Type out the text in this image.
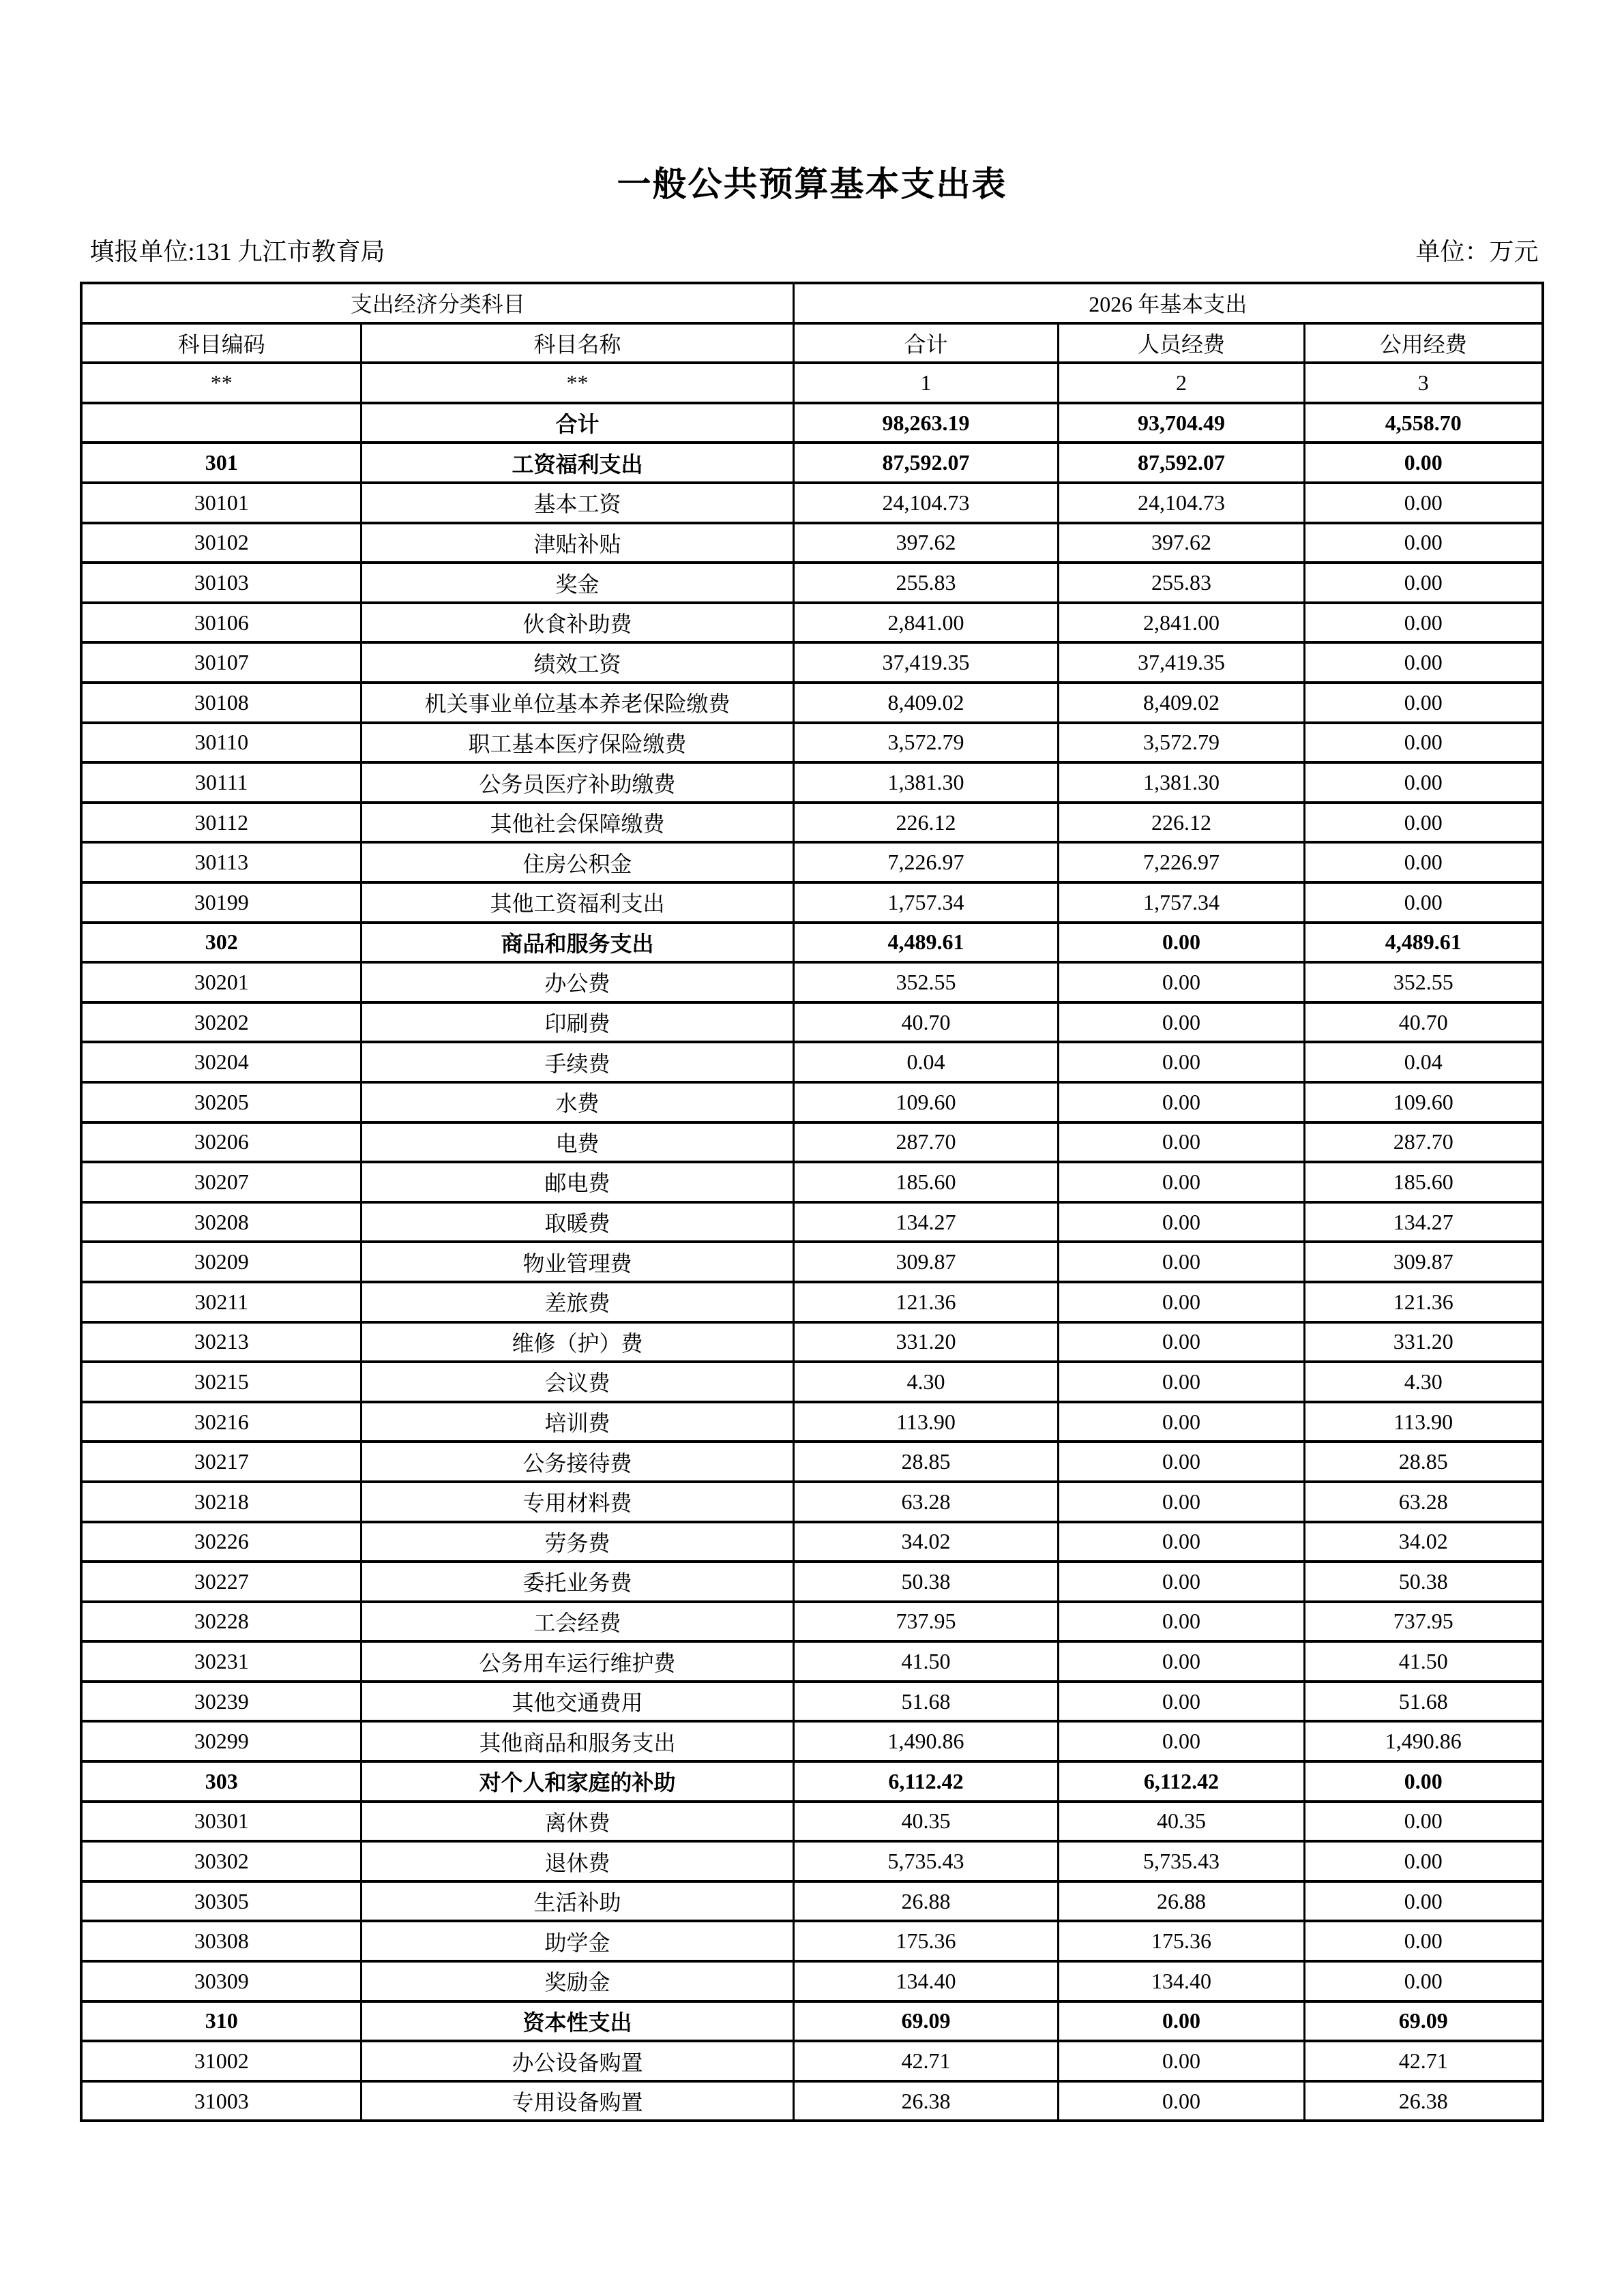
一般公共预算基本支出表
填报单位:131 九江市教育局	单位：万元
支出经济分类科目		2026 年基本支出		
科目编码	科目名称	合计	人员经费	公用经费
**	**	1	2	3
	合计	98,263.19	93,704.49	4,558.70
301	工资福利支出	87,592.07	87,592.07	0.00
30101	基本工资	24,104.73	24,104.73	0.00
30102	津贴补贴	397.62	397.62	0.00
30103	奖金	255.83	255.83	0.00
30106	伙食补助费	2,841.00	2,841.00	0.00
30107	绩效工资	37,419.35	37,419.35	0.00
30108	机关事业单位基本养老保险缴费	8,409.02	8,409.02	0.00
30110	职工基本医疗保险缴费	3,572.79	3,572.79	0.00
30111	公务员医疗补助缴费	1,381.30	1,381.30	0.00
30112	其他社会保障缴费	226.12	226.12	0.00
30113	住房公积金	7,226.97	7,226.97	0.00
30199	其他工资福利支出	1,757.34	1,757.34	0.00
302	商品和服务支出	4,489.61	0.00	4,489.61
30201	办公费	352.55	0.00	352.55
30202	印刷费	40.70	0.00	40.70
30204	手续费	0.04	0.00	0.04
30205	水费	109.60	0.00	109.60
30206	电费	287.70	0.00	287.70
30207	邮电费	185.60	0.00	185.60
30208	取暖费	134.27	0.00	134.27
30209	物业管理费	309.87	0.00	309.87
30211	差旅费	121.36	0.00	121.36
30213	维修（护）费	331.20	0.00	331.20
30215	会议费	4.30	0.00	4.30
30216	培训费	113.90	0.00	113.90
30217	公务接待费	28.85	0.00	28.85
30218	专用材料费	63.28	0.00	63.28
30226	劳务费	34.02	0.00	34.02
30227	委托业务费	50.38	0.00	50.38
30228	工会经费	737.95	0.00	737.95
30231	公务用车运行维护费	41.50	0.00	41.50
30239	其他交通费用	51.68	0.00	51.68
30299	其他商品和服务支出	1,490.86	0.00	1,490.86
303	对个人和家庭的补助	6,112.42	6,112.42	0.00
30301	离休费	40.35	40.35	0.00
30302	退休费	5,735.43	5,735.43	0.00
30305	生活补助	26.88	26.88	0.00
30308	助学金	175.36	175.36	0.00
30309	奖励金	134.40	134.40	0.00
310	资本性支出	69.09	0.00	69.09
31002	办公设备购置	42.71	0.00	42.71
31003	专用设备购置	26.38	0.00	26.38
